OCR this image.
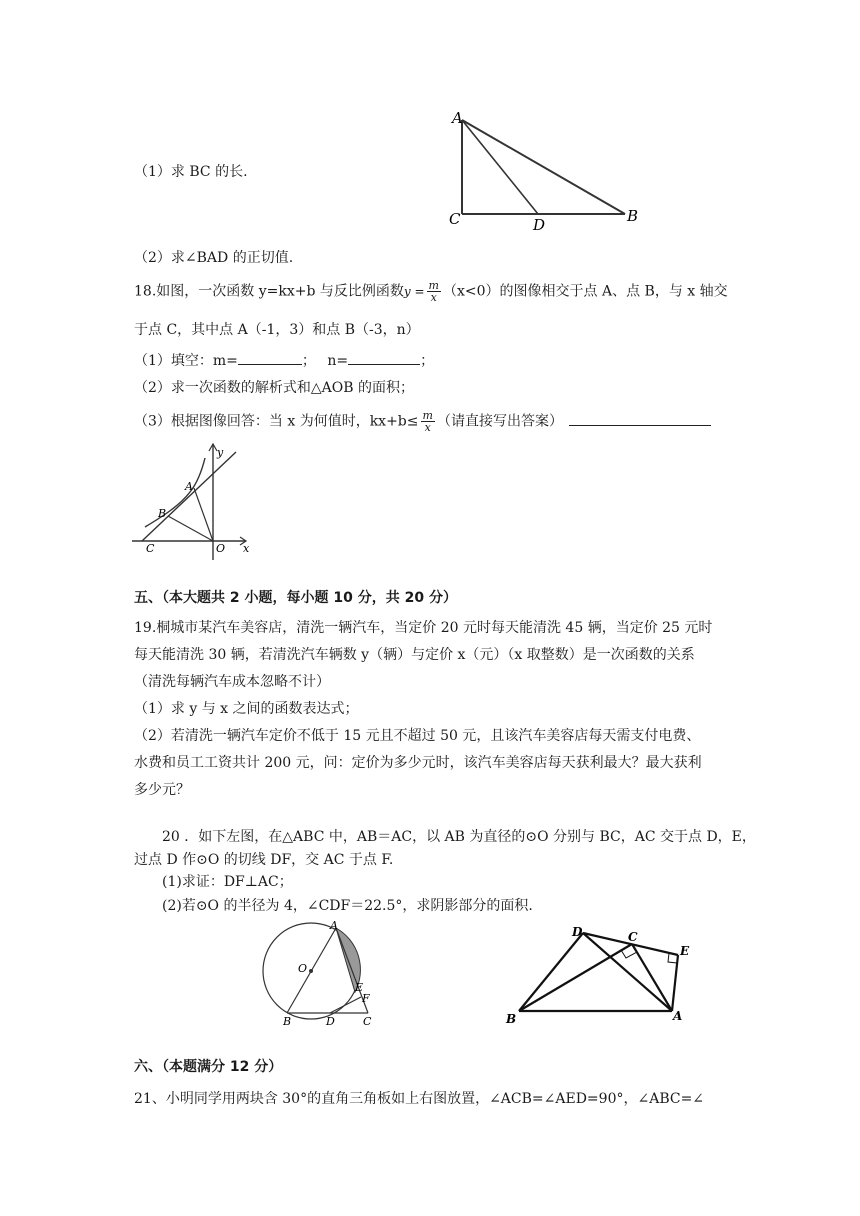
（1）求 BC 的长.
A
C	D	B
（2）求∠BAD 的正切值.
18.如图，一次函数 y=kx+b 与反比例函数$y = \frac{m}{x} (x<0)$的图像相交于点 A、点 B，与 x 轴交
于点 C，其中点 A（-1，3）和点 B（-3，n）
（1）填空：m=	；　 n=	；
（2）求一次函数的解析式和△AOB 的面积；
（3）根据图像回答：当 x 为何值时，$kx+b\le \frac{m}{x}$ （请直接写出答案）
y
A
B
C	O x
五、（本大题共 2 小题，每小题 10 分，共 20 分）
19.桐城市某汽车美容店，清洗一辆汽车，当定价 20 元时每天能清洗 45 辆，当定价 25 元时
每天能清洗 30 辆，若清洗汽车辆数 y（辆）与定价 x（元）（x 取整数）是一次函数的关系
（清洗每辆汽车成本忽略不计）
（1）求 y 与 x 之间的函数表达式；
（2）若清洗一辆汽车定价不低于 15 元且不超过 50 元，且该汽车美容店每天需支付电费、
水费和员工工资共计 200 元，问：定价为多少元时，该汽车美容店每天获利最大？最大获利
多少元？
20 ．如下左图，在△ABC 中，AB＝AC，以 AB 为直径的⊙O 分别与 BC，AC 交于点 D，E，
过点 D 作⊙O 的切线 DF，交 AC 于点 F.
(1)求证：DF⊥AC；
(2)若⊙O 的半径为 4，∠CDF＝22.5°，求阴影部分的面积.
A
O
E
F
B	D	C
D	C
E
B	A
六、（本题满分 12 分）
21、小明同学用两块含 30°的直角三角板如上右图放置，∠ACB=∠AED=90°，∠ABC=∠
